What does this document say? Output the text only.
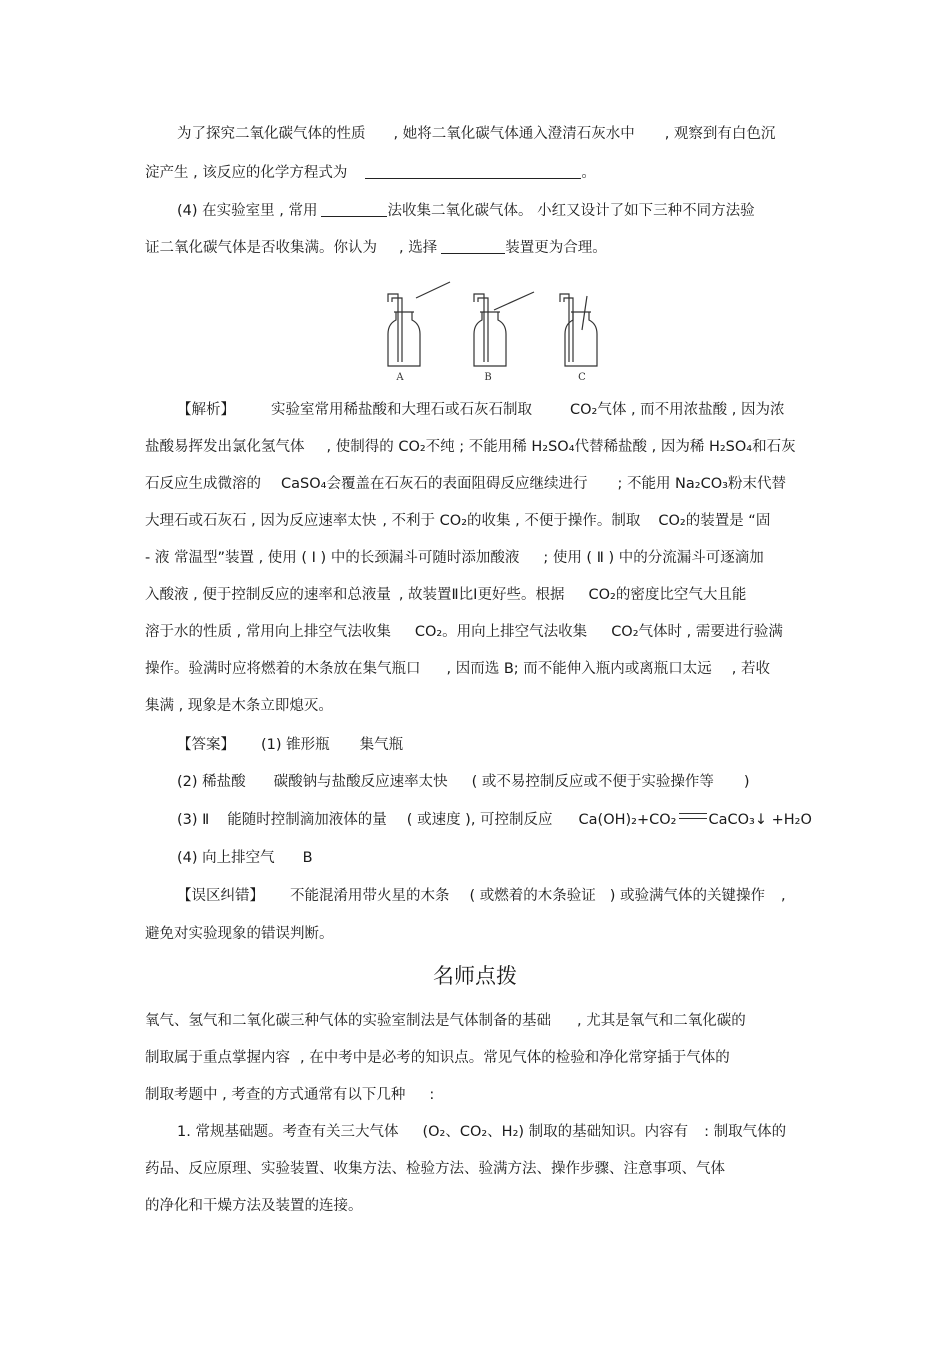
为了探究二氧化碳气体的性质 , 她将二氧化碳气体通入澄清石灰水中 , 观察到有白色沉
淀产生 , 该反应的化学方程式为	。
(4) 在实验室里 , 常用	法收集二氧化碳气体。 小红又设计了如下三种不同方法验
证二氧化碳气体是否收集满。你认为 , 选择	装置更为合理。
A	B	C
【解析】 实验室常用稀盐酸和大理石或石灰石制取	CO₂气体 , 而不用浓盐酸 , 因为浓
盐酸易挥发出氯化氢气体 , 使制得的 CO₂不纯 ; 不能用稀 H₂SO₄代替稀盐酸 , 因为稀 H₂SO₄和石灰
石反应生成微溶的 CaSO₄会覆盖在石灰石的表面阻碍反应继续进行 ; 不能用 Na₂CO₃粉末代替
大理石或石灰石 , 因为反应速率太快 , 不利于 CO₂的收集 , 不便于操作。制取 CO₂的装置是 “固
- 液 常温型”装置 , 使用 ( Ⅰ ) 中的长颈漏斗可随时添加酸液 ; 使用 ( Ⅱ ) 中的分流漏斗可逐滴加
入酸液 , 便于控制反应的速率和总液量 , 故装置Ⅱ比Ⅰ更好些。根据 CO₂的密度比空气大且能
溶于水的性质 , 常用向上排空气法收集 CO₂。用向上排空气法收集 CO₂气体时 , 需要进行验满
操作。验满时应将燃着的木条放在集气瓶口 , 因而选 B; 而不能伸入瓶内或离瓶口太远 , 若收
集满 , 现象是木条立即熄灭。
【答案】 (1) 锥形瓶 集气瓶
(2) 稀盐酸 碳酸钠与盐酸反应速率太快 ( 或不易控制反应或不便于实验操作等 )
(3) Ⅱ 能随时控制滴加液体的量 ( 或速度 ), 可控制反应 Ca(OH)₂+CO₂ CaCO₃↓ +H₂O
(4) 向上排空气 B
【误区纠错】 不能混淆用带火星的木条 ( 或燃着的木条验证 ) 或验满气体的关键操作 ,
避免对实验现象的错误判断。
名师点拨
氧气、氢气和二氧化碳三种气体的实验室制法是气体制备的基础 , 尤其是氧气和二氧化碳的
制取属于重点掌握内容 , 在中考中是必考的知识点。常见气体的检验和净化常穿插于气体的
制取考题中 , 考查的方式通常有以下几种 :
1. 常规基础题。考查有关三大气体 (O₂、CO₂、H₂) 制取的基础知识。内容有 : 制取气体的
药品、反应原理、实验装置、收集方法、检验方法、验满方法、操作步骤、注意事项、气体
的净化和干燥方法及装置的连接。
